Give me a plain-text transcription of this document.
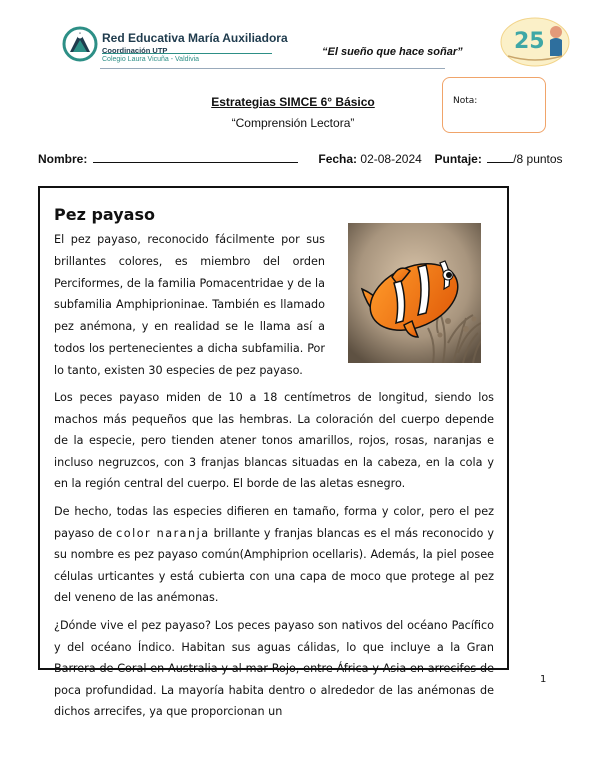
Red Educativa María Auxiliadora
Coordinación UTP
Colegio Laura Vicuña - Valdivia
“El sueño que hace soñar” 25
Estrategias SIMCE 6° Básico
“Comprensión Lectora”
Nota:
Nombre:	Fecha: 02-08-2024 Puntaje:	/8 puntos
Pez payaso
El pez payaso, reconocido fácilmente por sus brillantes colores, es miembro del orden Perciformes, de la familia Pomacentridae y de la subfamilia Amphiprioninae. También es llamado pez anémona, y en realidad se le llama así a todos los pertenecientes a dicha subfamilia. Por lo tanto, existen 30 especies de pez payaso.

Los peces payaso miden de 10 a 18 centímetros de longitud, siendo los machos más pequeños que las hembras. La coloración del cuerpo depende de la especie, pero tienden atener tonos amarillos, rojos, rosas, naranjas e incluso negruzcos, con 3 franjas blancas situadas en la cabeza, en la cola y en la región central del cuerpo. El borde de las aletas esnegro.

De hecho, todas las especies difieren en tamaño, forma y color, pero el pez payaso de color naranja brillante y franjas blancas es el más reconocido y su nombre es pez payaso común(Amphiprion ocellaris). Además, la piel posee células urticantes y está cubierta con una capa de moco que protege al pez del veneno de las anémonas.

¿Dónde vive el pez payaso? Los peces payaso son nativos del océano Pacífico y del océano Índico. Habitan sus aguas cálidas, lo que incluye a la Gran Barrera de Coral en Australia y al mar Rojo, entre África y Asia en arrecifes de poca profundidad. La mayoría habita dentro o alrededor de las anémonas de dichos arrecifes, ya que proporcionan un

1
